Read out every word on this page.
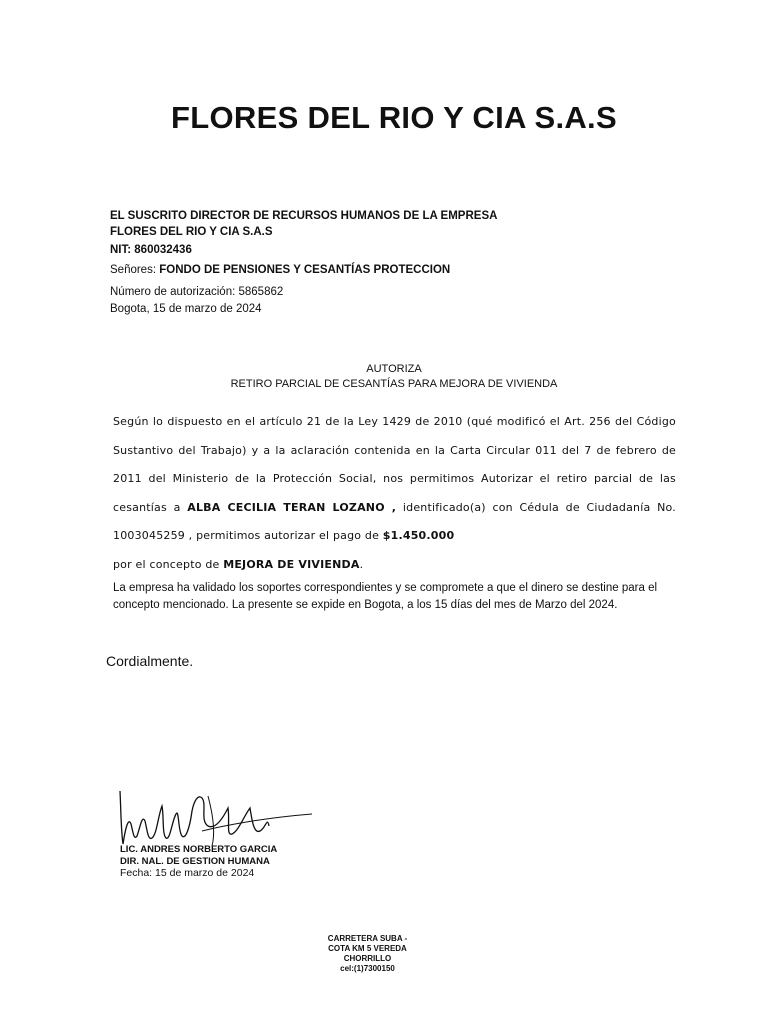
FLORES DEL RIO Y CIA S.A.S
EL SUSCRITO DIRECTOR DE RECURSOS HUMANOS DE LA EMPRESA
FLORES DEL RIO Y CIA S.A.S
NIT: 860032436
Señores: FONDO DE PENSIONES Y CESANTÍAS PROTECCION
Número de autorización: 5865862
Bogota, 15 de marzo de 2024
AUTORIZA
RETIRO PARCIAL DE CESANTÍAS PARA MEJORA DE VIVIENDA
Según lo dispuesto en el artículo 21 de la Ley 1429 de 2010 (qué modificó el Art. 256 del Código Sustantivo del Trabajo) y a la aclaración contenida en la Carta Circular 011 del 7 de febrero de 2011 del Ministerio de la Protección Social, nos permitimos Autorizar el retiro parcial de las cesantías a ALBA CECILIA TERAN LOZANO , identificado(a) con Cédula de Ciudadanía No. 1003045259 , permitimos autorizar el pago de $1.450.000
por el concepto de MEJORA DE VIVIENDA.
La empresa ha validado los soportes correspondientes y se compromete a que el dinero se destine para el concepto mencionado. La presente se expide en Bogota, a los 15 días del mes de Marzo del 2024.
Cordialmente.
LIC. ANDRES NORBERTO GARCIA
DIR. NAL. DE GESTION HUMANA
Fecha: 15 de marzo de 2024
CARRETERA SUBA -
COTA KM 5 VEREDA
CHORRILLO
cel:(1)7300150
